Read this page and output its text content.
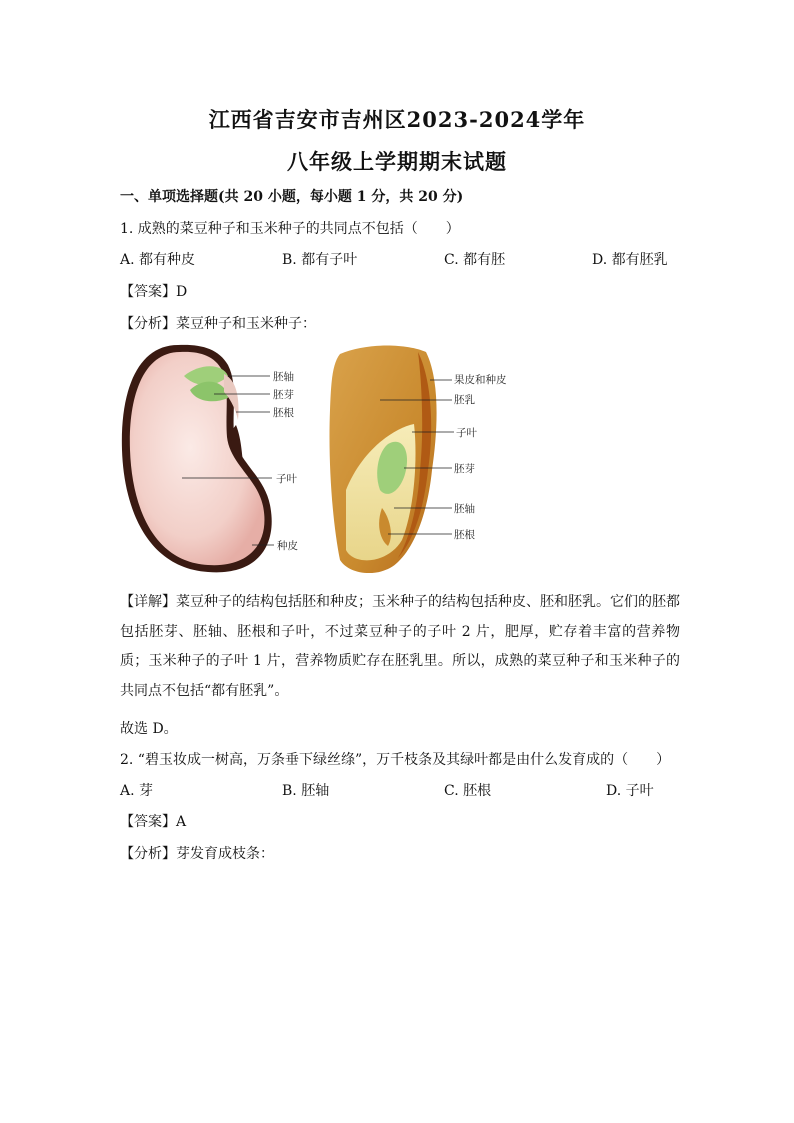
江西省吉安市吉州区2023-2024学年
八年级上学期期末试题
一、单项选择题(共 20 小题，每小题 1 分，共 20 分)
1. 成熟的菜豆种子和玉米种子的共同点不包括（　　）
A. 都有种皮	B. 都有子叶	C. 都有胚	D. 都有胚乳
【答案】D
【分析】菜豆种子和玉米种子：
胚轴
胚芽
胚根
子叶
种皮
果皮和种皮
胚乳
子叶
胚芽
胚轴
胚根
【详解】菜豆种子的结构包括胚和种皮；玉米种子的结构包括种皮、胚和胚乳。它们的胚都包括胚芽、胚轴、胚根和子叶，不过菜豆种子的子叶 2 片，肥厚，贮存着丰富的营养物质；玉米种子的子叶 1 片，营养物质贮存在胚乳里。所以，成熟的菜豆种子和玉米种子的共同点不包括“都有胚乳”。
故选 D。
2. “碧玉妆成一树高，万条垂下绿丝绦”，万千枝条及其绿叶都是由什么发育成的（　　）
A. 芽	B. 胚轴	C. 胚根	D. 子叶
【答案】A
【分析】芽发育成枝条：
